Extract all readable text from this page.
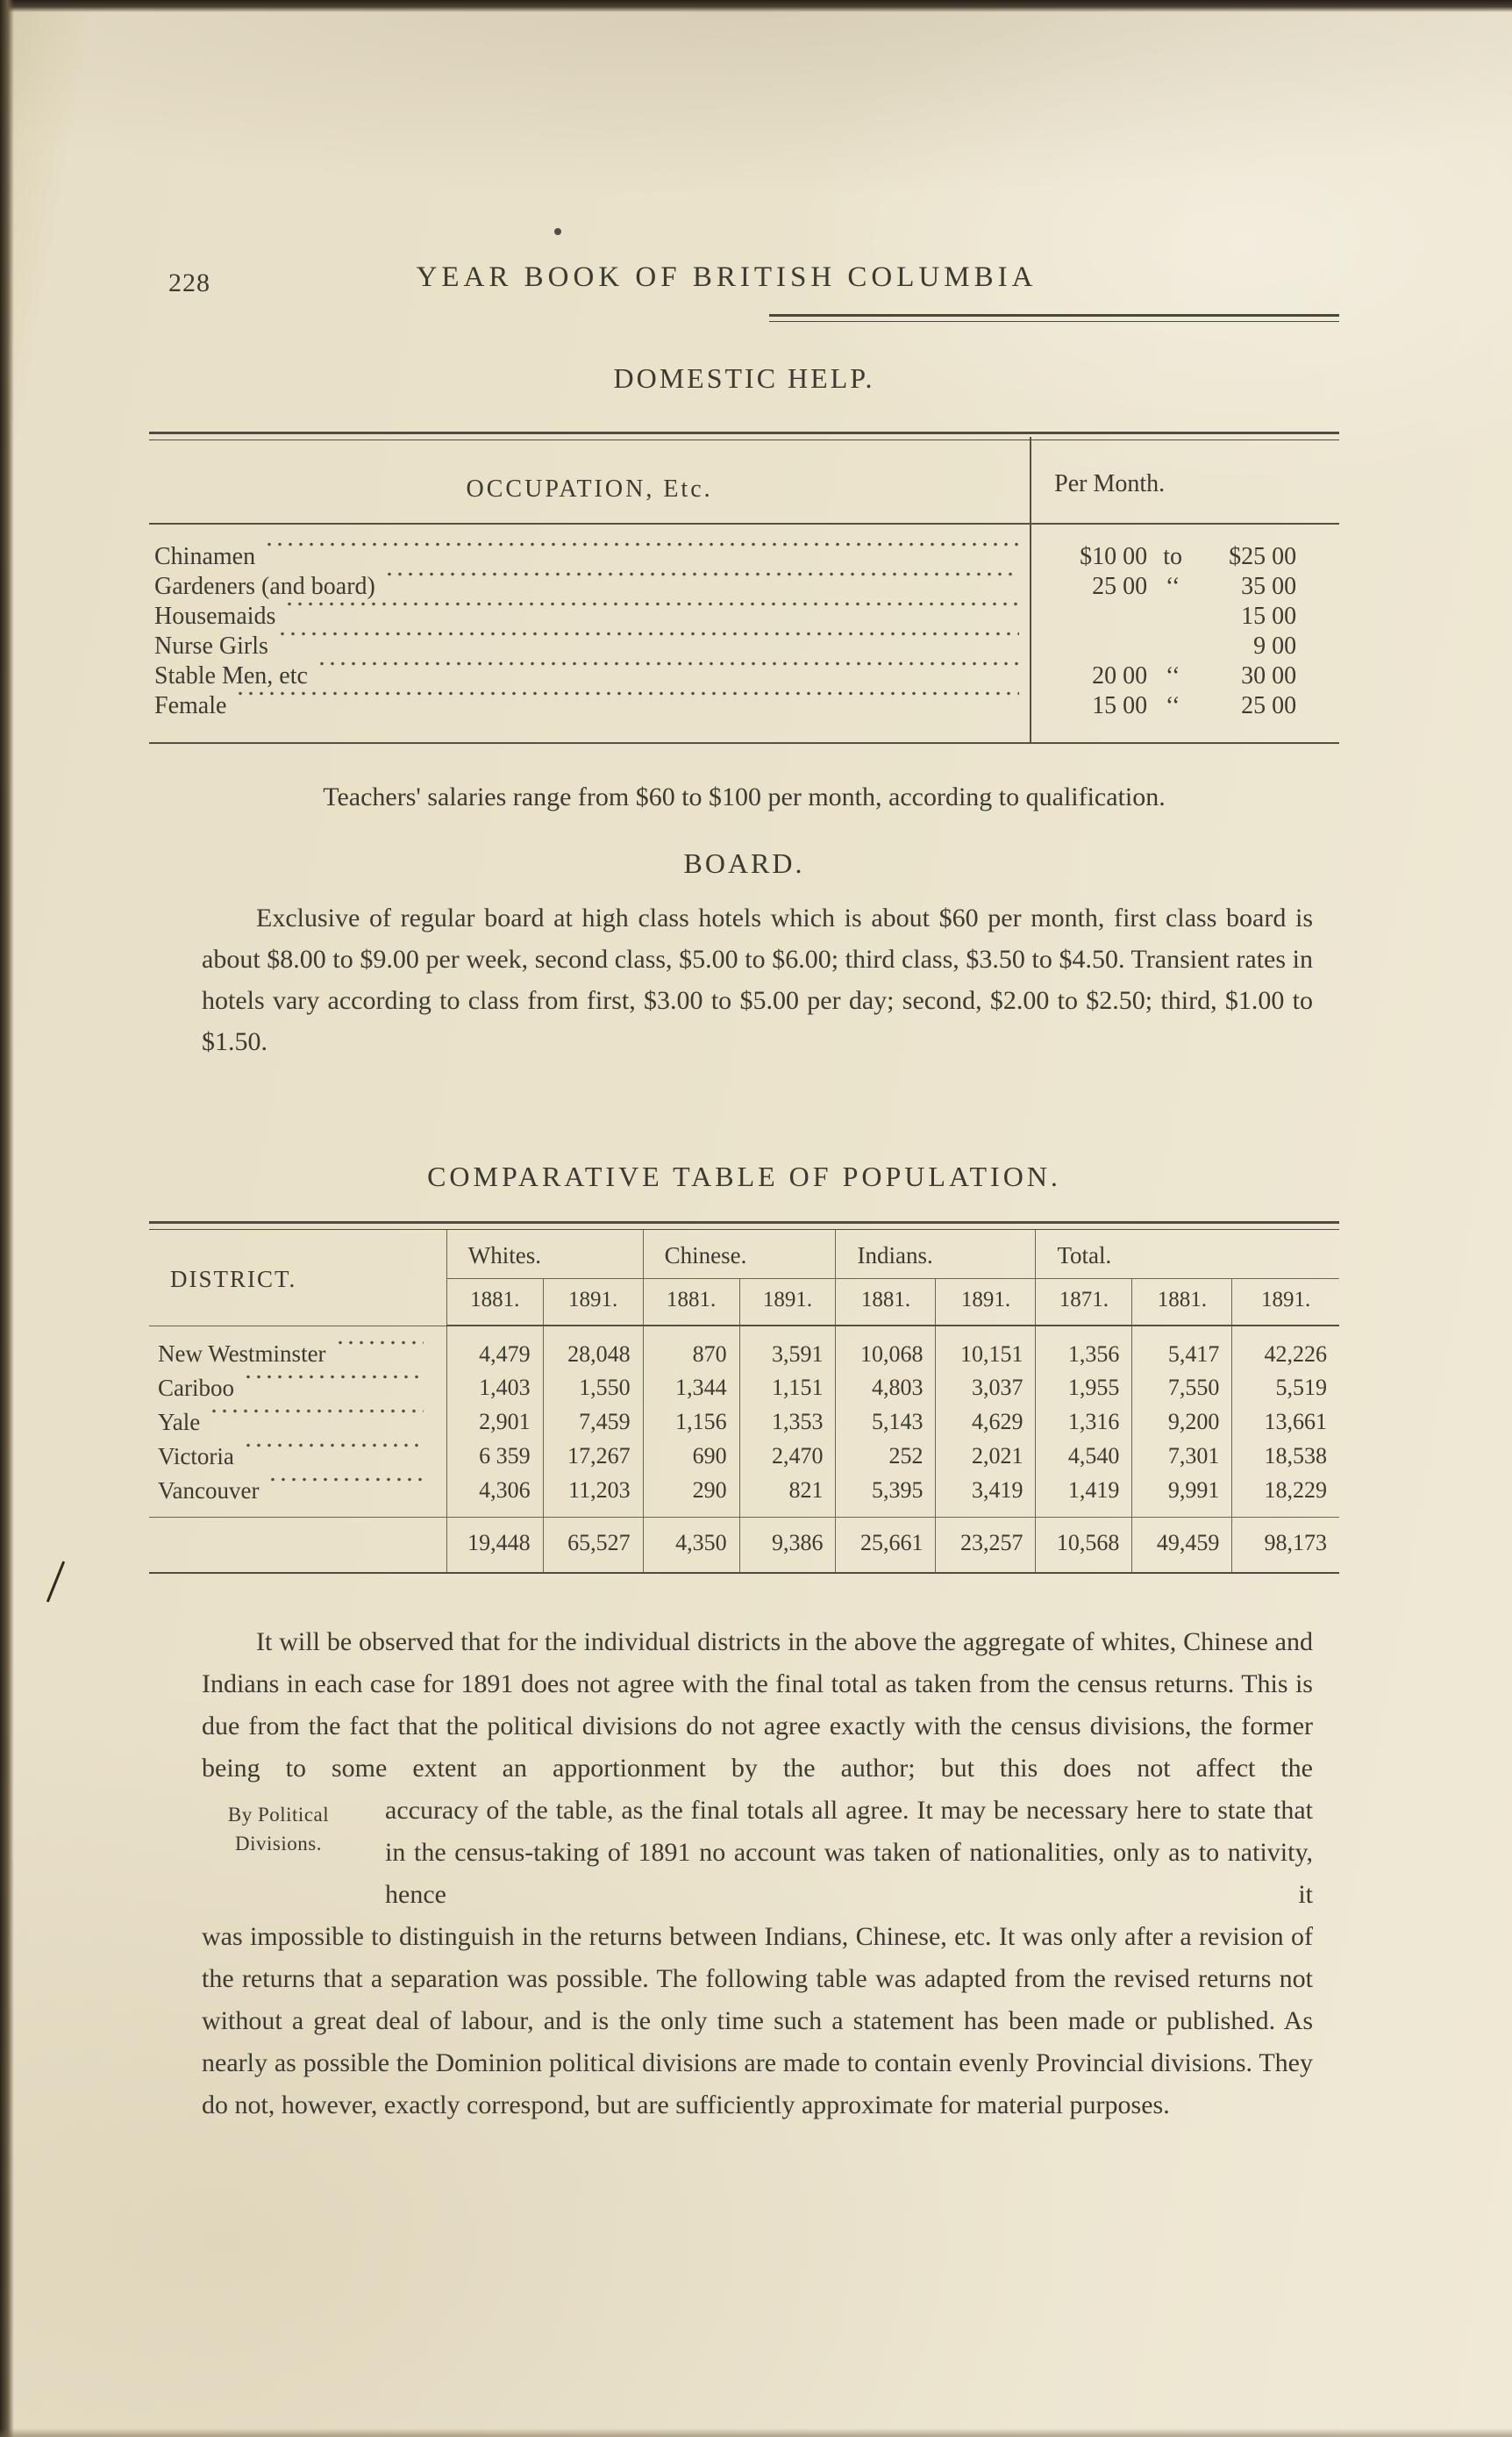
228	YEAR BOOK OF BRITISH COLUMBIA
DOMESTIC HELP.
OCCUPATION, Etc.	Per Month.
Chinamen	$10 00 to	$25 00
Gardeners (and board)	25 00 ‘‘	35 00
Housemaids	15 00
Nurse Girls	9 00
Stable Men, etc	20 00 ‘‘	30 00
Female	15 00 ‘‘	25 00

Teachers' salaries range from $60 to $100 per month, according to qualification.

BOARD.

Exclusive of regular board at high class hotels which is about $60 per month, first class board is about $8.00 to $9.00 per week, second class, $5.00 to $6.00; third class, $3.50 to $4.50. Transient rates in hotels vary according to class from first, $3.00 to $5.00 per day; second, $2.00 to $2.50; third, $1.00 to $1.50.

COMPARATIVE TABLE OF POPULATION.
DISTRICT.	Whites.		Chinese.		Indians.		Total.		
	1881.	1891.	1881.	1891.	1881.	1891.	1871.	1881.	1891.

New Westminster	4,479	28,048	870	3,591	10,068	10,151	1,356	5,417	42,226

Cariboo	1,403	1,550	1,344	1,151	4,803	3,037	1,955	7,550	5,519

Yale	2,901	7,459	1,156	1,353	5,143	4,629	1,316	9,200	13,661

Victoria	6 359	17,267	690	2,470	252	2,021	4,540	7,301	18,538

Vancouver	4,306	11,203	290	821	5,395	3,419	1,419	9,991	18,229
	19,448	65,527	4,350	9,386	25,661	23,257	10,568	49,459	98,173

It will be observed that for the individual districts in the above the aggregate of whites, Chinese and Indians in each case for 1891 does not agree with the final total as taken from the census returns. This is due from the fact that the political divisions do not agree exactly with the census divisions, the former being to some extent an apportionment by the author; but this does not affect the

By Political Divisions.

accuracy of the table, as the final totals all agree. It may be necessary here to state that in the census-taking of 1891 no account was taken of nationalities, only as to nativity, hence it

was impossible to distinguish in the returns between Indians, Chinese, etc. It was only after a revision of the returns that a separation was possible. The following table was adapted from the revised returns not without a great deal of labour, and is the only time such a statement has been made or published. As nearly as possible the Dominion political divisions are made to contain evenly Provincial divisions. They do not, however, exactly correspond, but are sufficiently approximate for material purposes.
